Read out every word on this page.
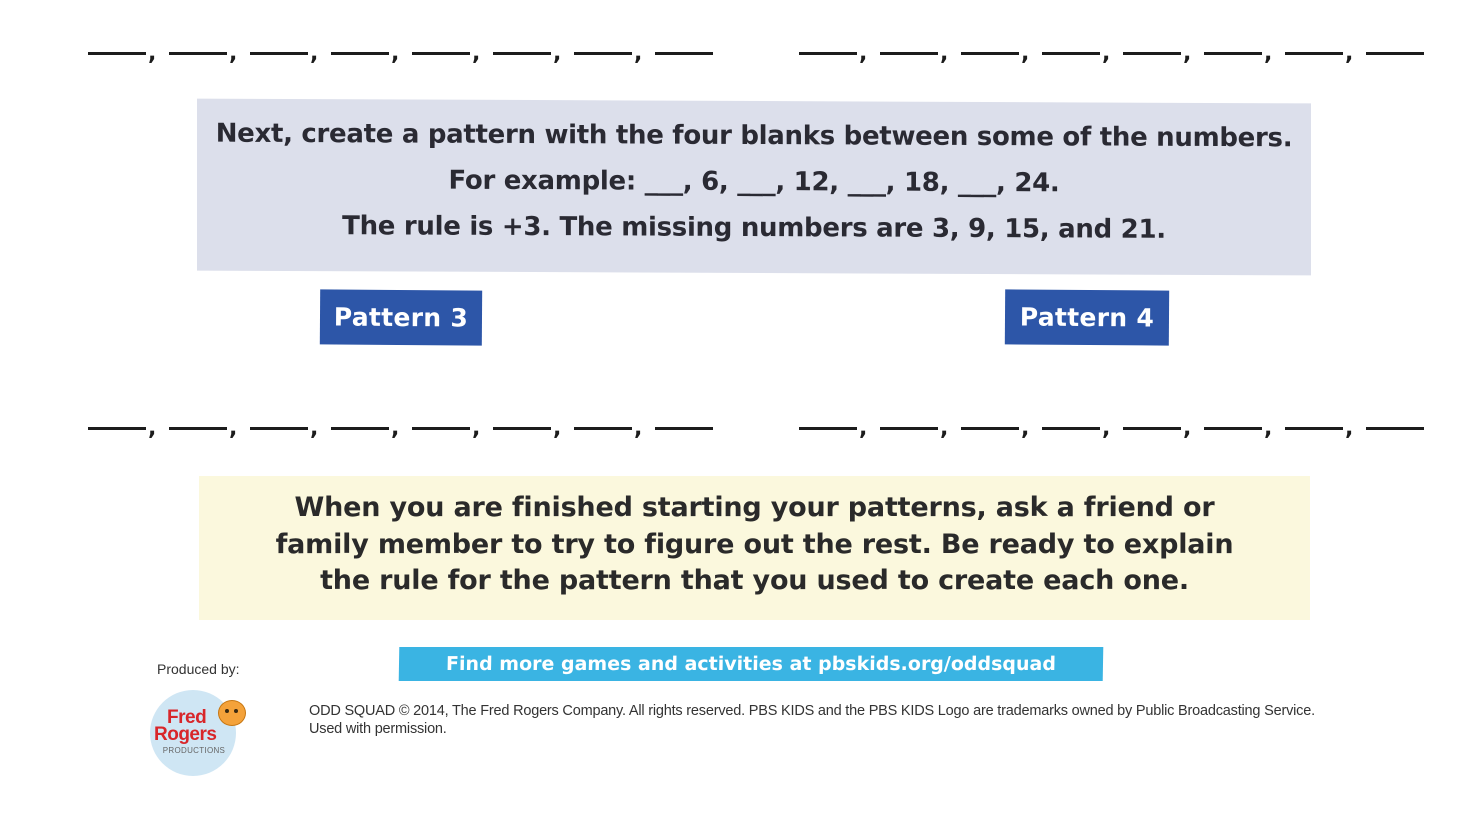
,	,	,	,	,	,	,	,	,	,	,	,	,	,

Next, create a pattern with the four blanks between some of the numbers.

For example: ___, 6, ___, 12, ___, 18, ___, 24.

The rule is +3. The missing numbers are 3, 9, 15, and 21.

Pattern 3	Pattern 4
,	,	,	,	,	,	,	,	,	,	,	,	,	,

When you are finished starting your patterns, ask a friend or

family member to try to figure out the rest. Be ready to explain

the rule for the pattern that you used to create each one.

Produced by:
Fred
Rogers
PRODUCTIONS
Find more games and activities at pbskids.org/oddsquad
ODD SQUAD © 2014, The Fred Rogers Company. All rights reserved. PBS KIDS and the PBS KIDS Logo are trademarks owned by Public Broadcasting Service.
Used with permission.
